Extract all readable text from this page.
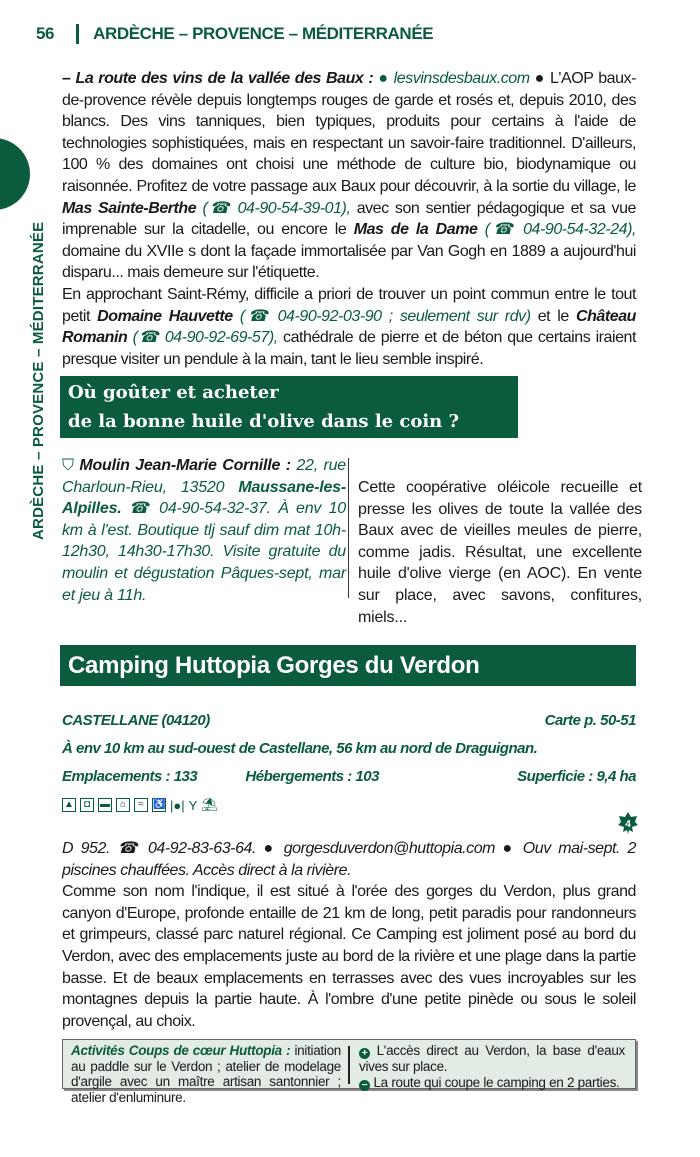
56 ARDÈCHE – PROVENCE – MÉDITERRANÉE
ARDÈCHE – PROVENCE – MÉDITERRANÉE
– La route des vins de la vallée des Baux : ● lesvinsdesbaux.com ● L'AOP baux-de-provence révèle depuis longtemps rouges de garde et rosés et, depuis 2010, des blancs. Des vins tanniques, bien typiques, produits pour certains à l'aide de technologies sophistiquées, mais en respectant un savoir-faire traditionnel. D'ailleurs, 100 % des domaines ont choisi une méthode de culture bio, biodynamique ou raisonnée. Profitez de votre passage aux Baux pour découvrir, à la sortie du village, le Mas Sainte-Berthe (☎ 04-90-54-39-01), avec son sentier pédagogique et sa vue imprenable sur la citadelle, ou encore le Mas de la Dame (☎ 04-90-54-32-24), domaine du XVIIe s dont la façade immortalisée par Van Gogh en 1889 a aujourd'hui disparu... mais demeure sur l'étiquette.
En approchant Saint-Rémy, difficile a priori de trouver un point commun entre le tout petit Domaine Hauvette (☎ 04-90-92-03-90 ; seulement sur rdv) et le Château Romanin (☎ 04-90-92-69-57), cathédrale de pierre et de béton que certains iraient presque visiter un pendule à la main, tant le lieu semble inspiré.
Où goûter et acheter
de la bonne huile d'olive dans le coin ?
⛉ Moulin Jean-Marie Cornille : 22, rue Charloun-Rieu, 13520 Maussane-les-Alpilles. ☎ 04-90-54-32-37. À env 10 km à l'est. Boutique tlj sauf dim mat 10h-12h30, 14h30-17h30. Visite gratuite du moulin et dégustation Pâques-sept, mar et jeu à 11h.
Cette coopérative oléicole recueille et presse les olives de toute la vallée des Baux avec de vieilles meules de pierre, comme jadis. Résultat, une excellente huile d'olive vierge (en AOC). En vente sur place, avec savons, confitures, miels...
Camping Huttopia Gorges du Verdon
CASTELLANE (04120)	Carte p. 50-51
À env 10 km au sud-ouest de Castellane, 56 km au nord de Draguignan.
Emplacements : 133	Hébergements : 103	Superficie : 9,4 ha
▲	◘ ▬ ⌂	≈ ♿ |●| Y ⛱
4
D 952. ☎ 04-92-83-63-64. ● gorgesduverdon@huttopia.com ● Ouv mai-sept. 2 piscines chauffées. Accès direct à la rivière.
Comme son nom l'indique, il est situé à l'orée des gorges du Verdon, plus grand canyon d'Europe, profonde entaille de 21 km de long, petit paradis pour randonneurs et grimpeurs, classé parc naturel régional. Ce Camping est joliment posé au bord du Verdon, avec des emplacements juste au bord de la rivière et une plage dans la partie basse. Et de beaux emplacements en terrasses avec des vues incroyables sur les montagnes depuis la partie haute. À l'ombre d'une petite pinède ou sous le soleil provençal, au choix.
Activités Coups de cœur Huttopia : initiation au paddle sur le Verdon ; atelier de modelage d'argile avec un maître artisan santonnier ; atelier d'enluminure.
+ L'accès direct au Verdon, la base d'eaux vives sur place.
− La route qui coupe le camping en 2 parties.
